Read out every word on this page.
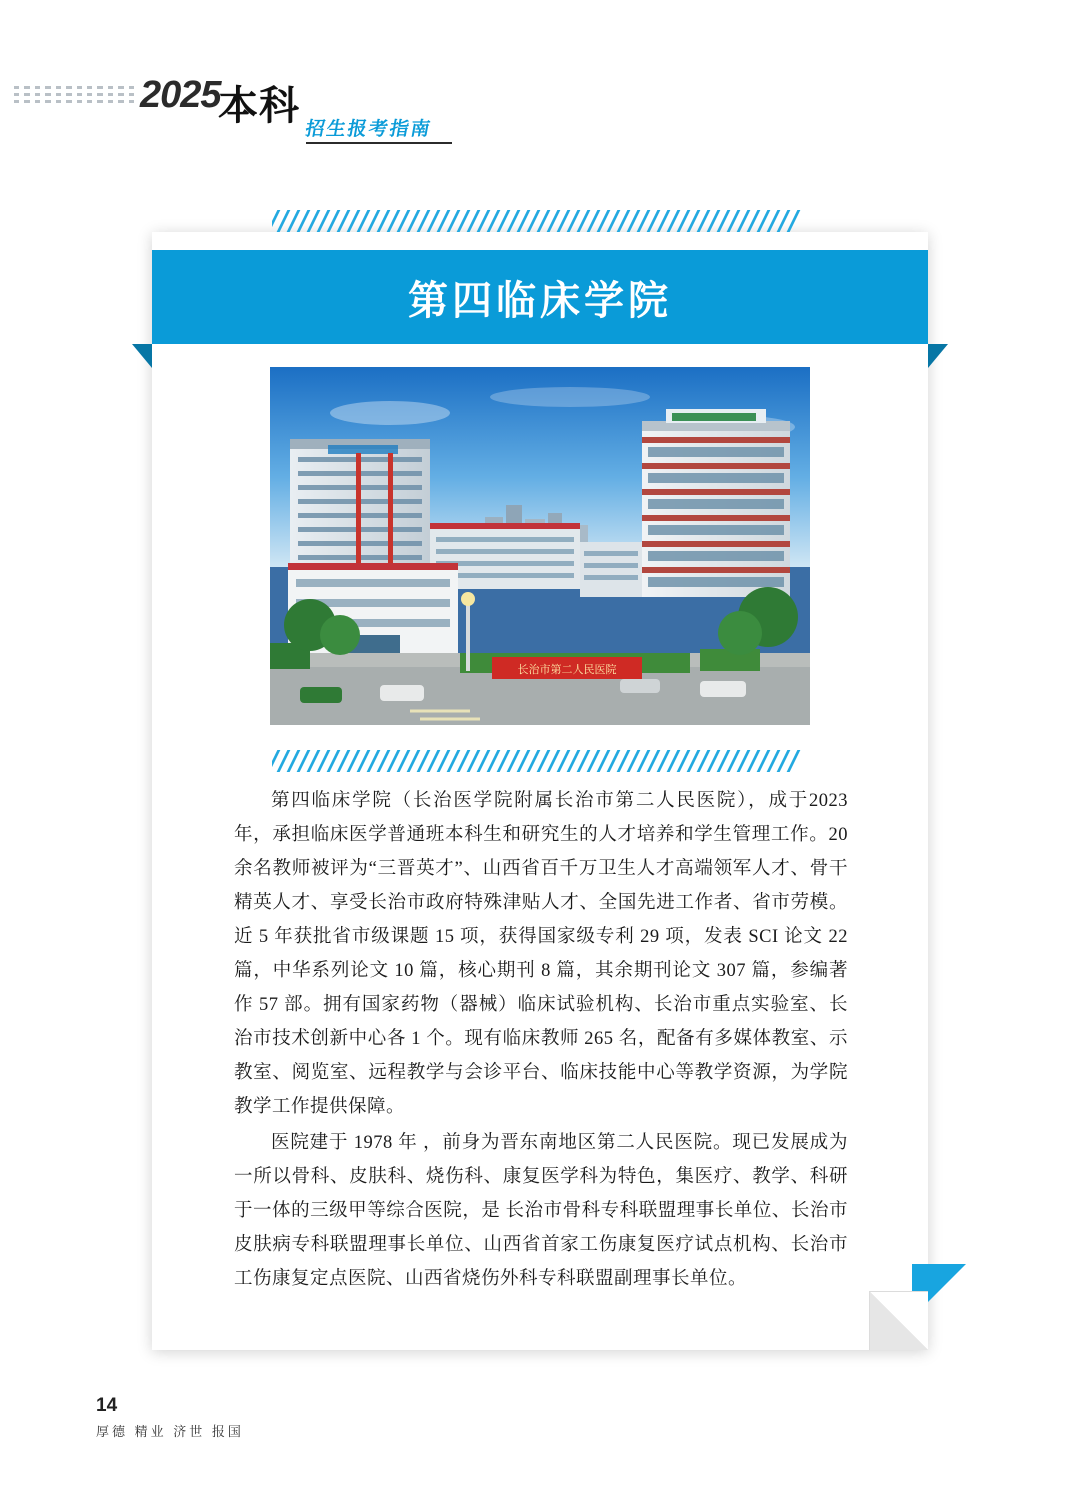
2025
本科
招生报考指南
第四临床学院
长治市第二人民医院

第四临床学院（长治医学院附属长治市第二人民医院），成于2023年，承担临床医学普通班本科生和研究生的人才培养和学生管理工作。20 余名教师被评为“三晋英才”、山西省百千万卫生人才高端领军人才、骨干精英人才、享受长治市政府特殊津贴人才、全国先进工作者、省市劳模。近 5 年获批省市级课题 15 项，获得国家级专利 29 项，发表 SCI 论文 22 篇，中华系列论文 10 篇，核心期刊 8 篇，其余期刊论文 307 篇，参编著作 57 部。拥有国家药物（器械）临床试验机构、长治市重点实验室、长治市技术创新中心各 1 个。现有临床教师 265 名，配备有多媒体教室、示教室、阅览室、远程教学与会诊平台、临床技能中心等教学资源，为学院教学工作提供保障。

医院建于 1978 年 ，前身为晋东南地区第二人民医院。现已发展成为一所以骨科、皮肤科、烧伤科、康复医学科为特色，集医疗、教学、科研于一体的三级甲等综合医院，是 长治市骨科专科联盟理事长单位、长治市皮肤病专科联盟理事长单位、山西省首家工伤康复医疗试点机构、长治市工伤康复定点医院、山西省烧伤外科专科联盟副理事长单位。

14
厚德 精业 济世 报国
